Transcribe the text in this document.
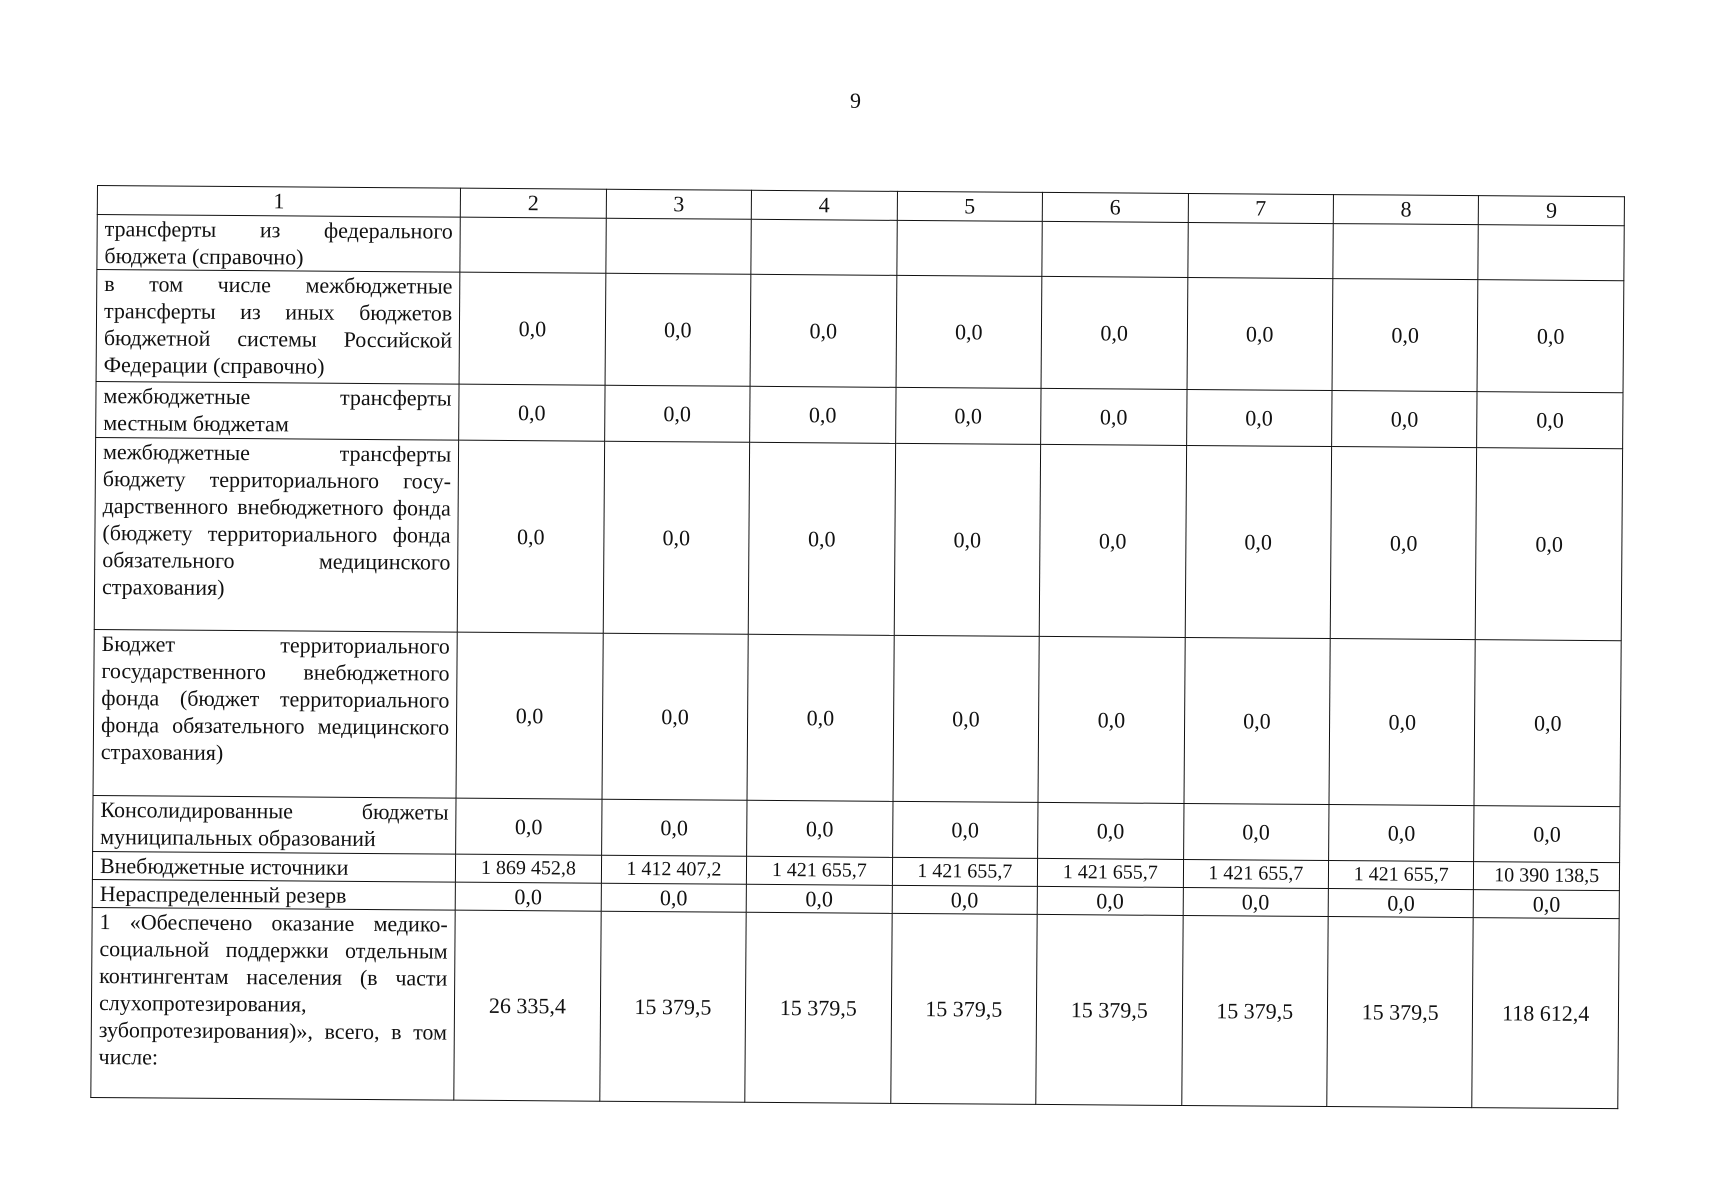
9
1	2	3	4	5	6	7	8	9
трансферты из федерального бюджета (справочно)								
в том числе межбюджетные трансферты из иных бюджетов бюджетной системы Российской Федерации (справочно)	0,0	0,0	0,0	0,0	0,0	0,0	0,0	0,0
межбюджетные трансферты местным бюджетам	0,0	0,0	0,0	0,0	0,0	0,0	0,0	0,0
межбюджетные трансферты бюджету территориального госу-дарственного внебюджетного фонда (бюджету территориального фонда обязательного медицинского страхования)	0,0	0,0	0,0	0,0	0,0	0,0	0,0	0,0
Бюджет территориального государственного внебюджетного фонда (бюджет территориального фонда обязательного медицинского страхования)	0,0	0,0	0,0	0,0	0,0	0,0	0,0	0,0
Консолидированные бюджеты муниципальных образований	0,0	0,0	0,0	0,0	0,0	0,0	0,0	0,0
Внебюджетные источники	1 869 452,8	1 412 407,2	1 421 655,7	1 421 655,7	1 421 655,7	1 421 655,7	1 421 655,7	10 390 138,5
Нераспределенный резерв	0,0	0,0	0,0	0,0	0,0	0,0	0,0	0,0
1 «Обеспечено оказание медико-социальной поддержки отдельным контингентам населения (в части слухопротезирования, зубопротезирования)», всего, в том числе:	26 335,4	15 379,5	15 379,5	15 379,5	15 379,5	15 379,5	15 379,5	118 612,4
